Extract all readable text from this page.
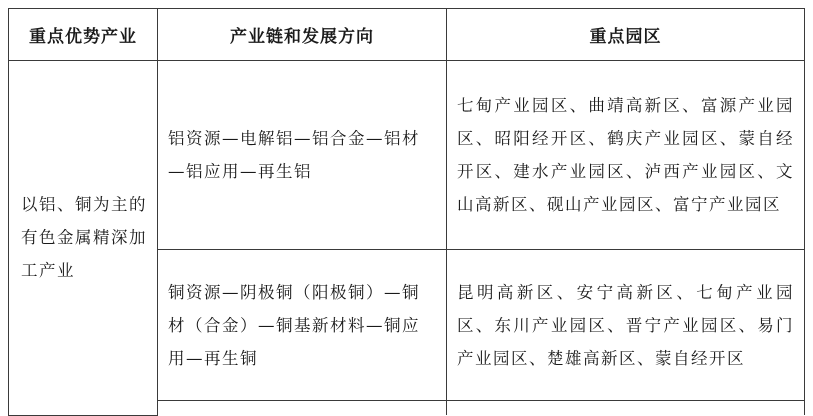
重点优势产业	产业链和发展方向	重点园区

以铝、铜为主的有色金属精深加工产业	铝资源—电解铝—铝合金—铝材—铝应用—再生铝	七甸产业园区、曲靖高新区、富源产业园区、昭阳经开区、鹤庆产业园区、蒙自经开区、建水产业园区、泸西产业园区、文山高新区、砚山产业园区、富宁产业园区

	铜资源—阴极铜（阳极铜）—铜材（合金）—铜基新材料—铜应用—再生铜	昆明高新区、安宁高新区、七甸产业园区、东川产业园区、晋宁产业园区、易门产业园区、楚雄高新区、蒙自经开区
